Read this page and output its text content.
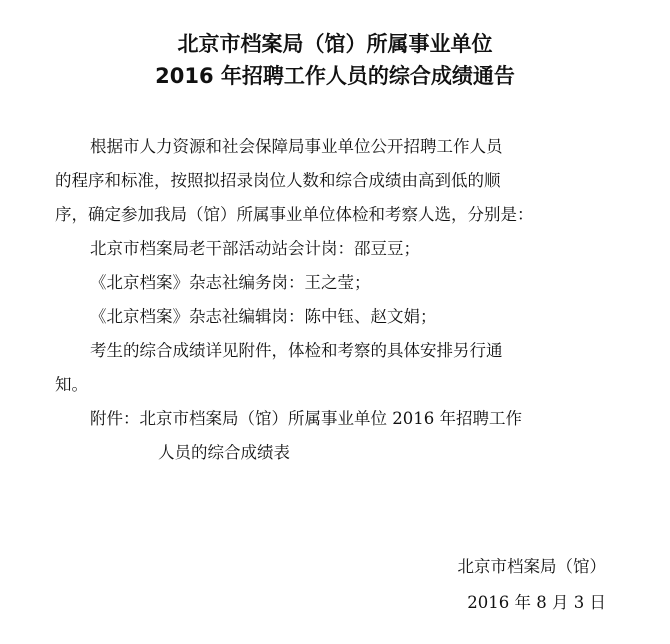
北京市档案局（馆）所属事业单位
2016 年招聘工作人员的综合成绩通告
根据市人力资源和社会保障局事业单位公开招聘工作人员
的程序和标准，按照拟招录岗位人数和综合成绩由高到低的顺
序，确定参加我局（馆）所属事业单位体检和考察人选，分别是：
北京市档案局老干部活动站会计岗：邵豆豆；
《北京档案》杂志社编务岗：王之莹；
《北京档案》杂志社编辑岗：陈中钰、赵文娟；
考生的综合成绩详见附件，体检和考察的具体安排另行通
知。
附件：北京市档案局（馆）所属事业单位 2016 年招聘工作
人员的综合成绩表
北京市档案局（馆）
2016 年 8 月 3 日
